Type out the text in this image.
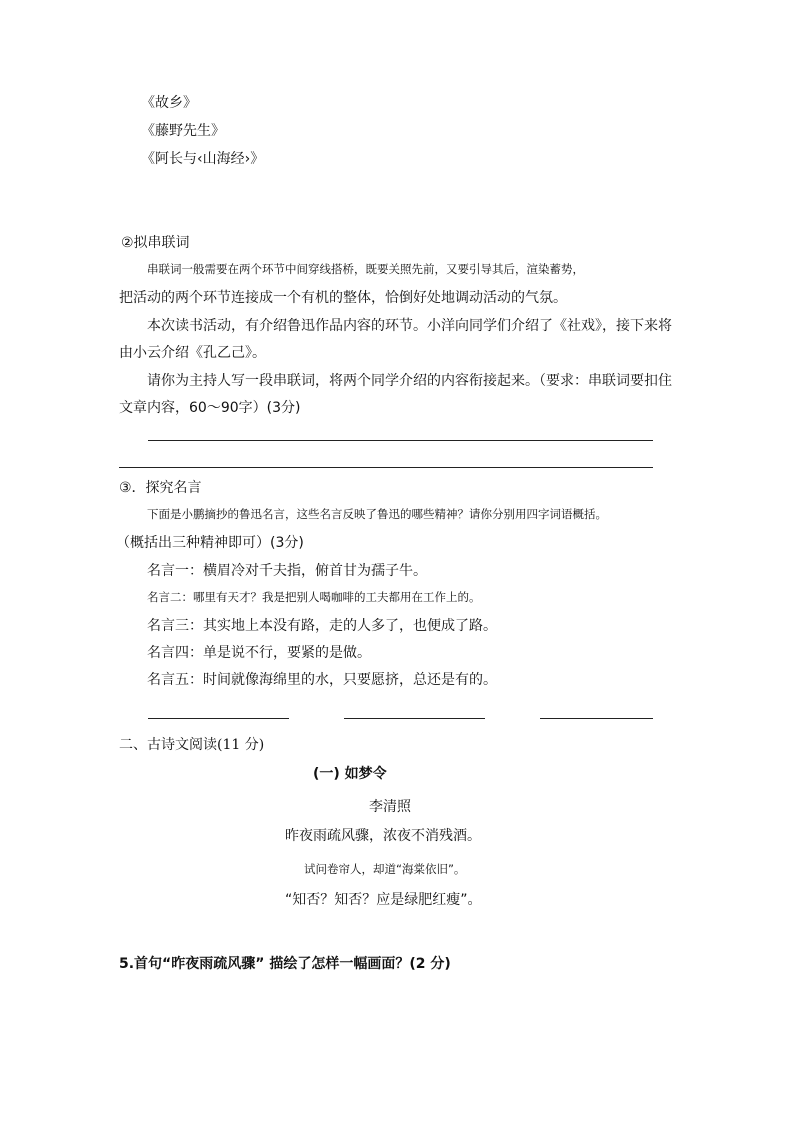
《故乡》
《藤野先生》
《阿长与‹山海经›》
②拟串联词
串联词一般需要在两个环节中间穿线搭桥，既要关照先前，又要引导其后，渲染蓄势，
把活动的两个环节连接成一个有机的整体，恰倒好处地调动活动的气氛。
本次读书活动，有介绍鲁迅作品内容的环节。小洋向同学们介绍了《社戏》，接下来将
由小云介绍《孔乙己》。
请你为主持人写一段串联词，将两个同学介绍的内容衔接起来。（要求：串联词要扣住
文章内容，60～90字）(3分)
③．探究名言
下面是小鹏摘抄的鲁迅名言，这些名言反映了鲁迅的哪些精神？请你分别用四字词语概括。
（概括出三种精神即可）(3分)
名言一：横眉冷对千夫指，俯首甘为孺子牛。
名言二：哪里有天才？我是把别人喝咖啡的工夫都用在工作上的。
名言三：其实地上本没有路，走的人多了，也便成了路。
名言四：单是说不行，要紧的是做。
名言五：时间就像海绵里的水，只要愿挤，总还是有的。
二、古诗文阅读(11 分)
(一) 如梦令
李清照
昨夜雨疏风骤，浓夜不消残酒。
试问卷帘人，却道“海棠依旧”。
“知否？知否？应是绿肥红瘦”。
5.首句“昨夜雨疏风骤” 描绘了怎样一幅画面？(2 分)
